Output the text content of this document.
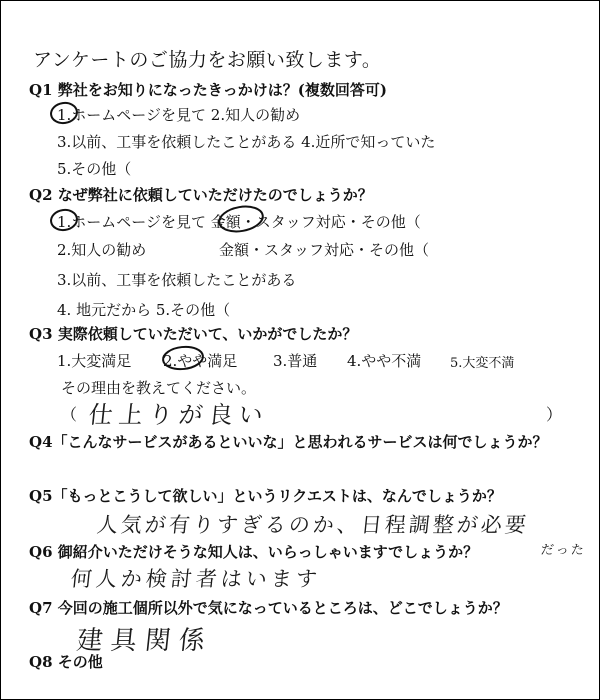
アンケートのご協力をお願い致します。
Q1 弊社をお知りになったきっかけは？(複数回答可)
1.ホームページを見て 2.知人の勧め
3.以前、工事を依頼したことがある 4.近所で知っていた
5.その他（
Q2 なぜ弊社に依頼していただけたのでしょうか？
1.ホームページを見て 金額・スタッフ対応・その他（
2.知人の勧め	金額・スタッフ対応・その他（
3.以前、工事を依頼したことがある
4. 地元だから 5.その他（
Q3 実際依頼していただいて、いかがでしたか？
1.大変満足 2.やや満足 3.普通 4.やや不満 5.大変不満
その理由を教えてください。
（ 仕上りが良い	）
Q4「こんなサービスがあるといいな」と思われるサービスは何でしょうか？
Q5「もっとこうして欲しい」というリクエストは、なんでしょうか？
人気が有りすぎるのか、日程調整が必要
だった
Q6 御紹介いただけそうな知人は、いらっしゃいますでしょうか？
何人か検討者はいます
Q7 今回の施工個所以外で気になっているところは、どこでしょうか？
建具関係
Q8 その他
